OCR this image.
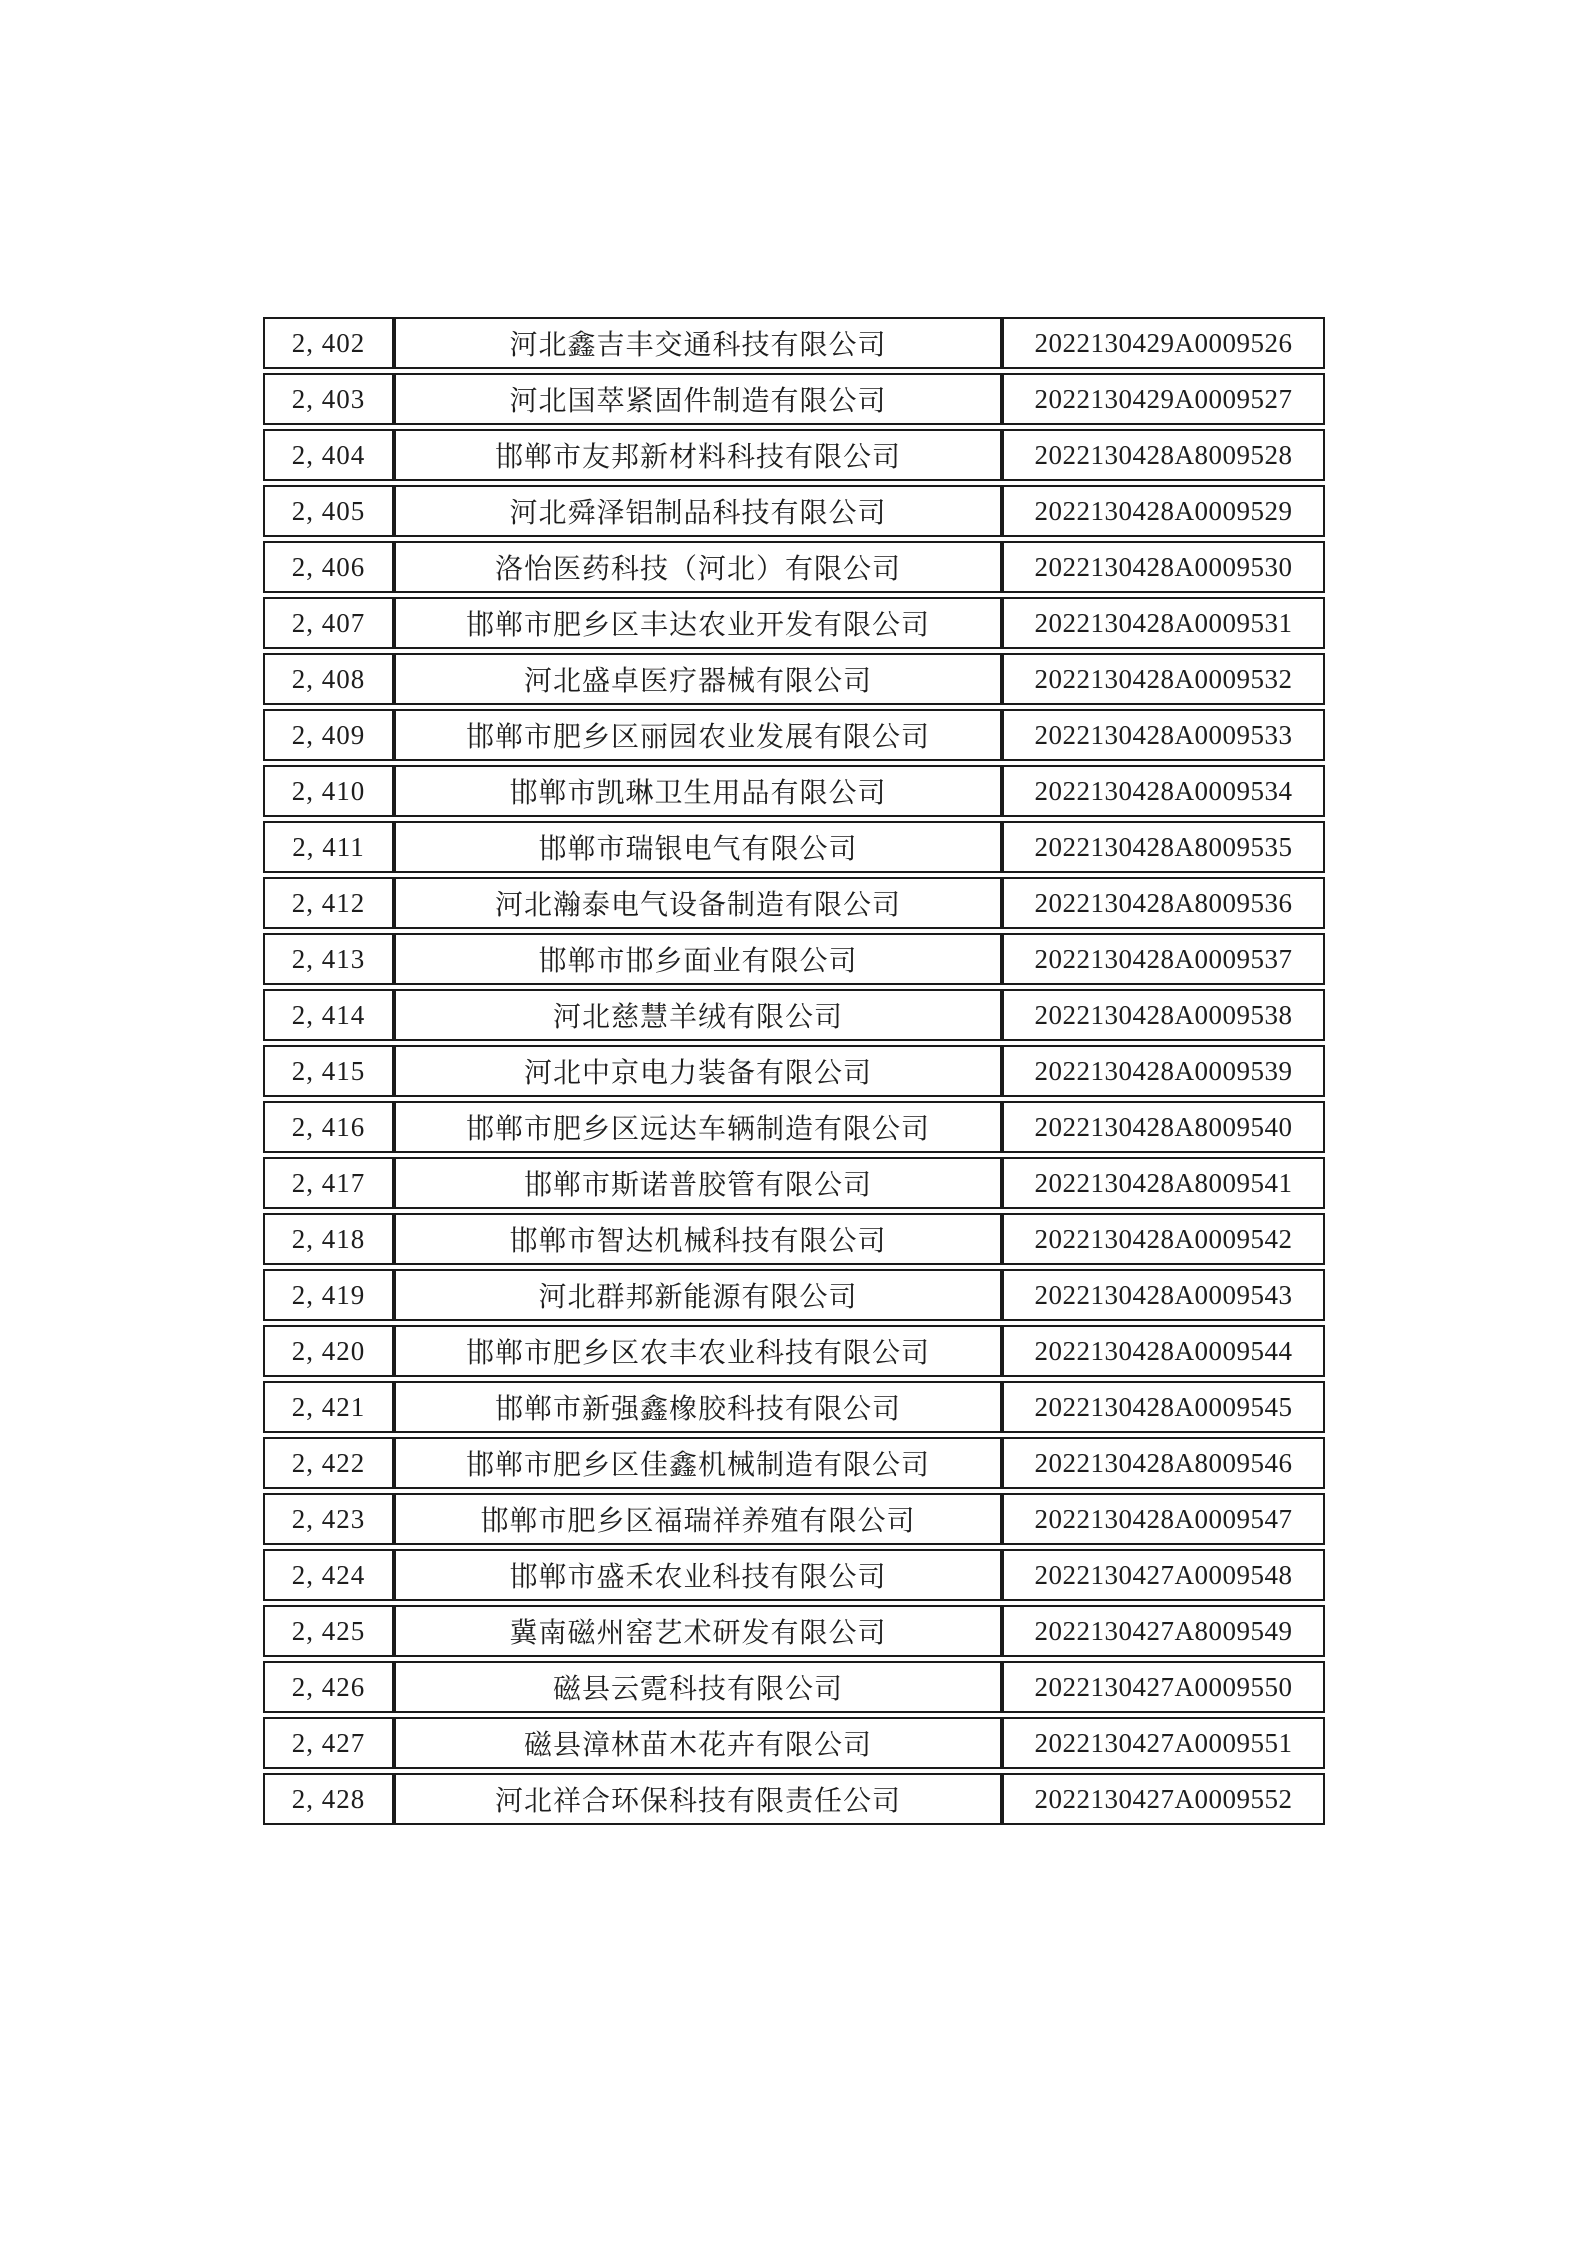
2, 402	河北鑫吉丰交通科技有限公司	2022130429A0009526
2, 403	河北国萃紧固件制造有限公司	2022130429A0009527
2, 404	邯郸市友邦新材料科技有限公司	2022130428A8009528
2, 405	河北舜泽铝制品科技有限公司	2022130428A0009529
2, 406	洛怡医药科技（河北）有限公司	2022130428A0009530
2, 407	邯郸市肥乡区丰达农业开发有限公司	2022130428A0009531
2, 408	河北盛卓医疗器械有限公司	2022130428A0009532
2, 409	邯郸市肥乡区丽园农业发展有限公司	2022130428A0009533
2, 410	邯郸市凯琳卫生用品有限公司	2022130428A0009534
2, 411	邯郸市瑞银电气有限公司	2022130428A8009535
2, 412	河北瀚泰电气设备制造有限公司	2022130428A8009536
2, 413	邯郸市邯乡面业有限公司	2022130428A0009537
2, 414	河北慈慧羊绒有限公司	2022130428A0009538
2, 415	河北中京电力装备有限公司	2022130428A0009539
2, 416	邯郸市肥乡区远达车辆制造有限公司	2022130428A8009540
2, 417	邯郸市斯诺普胶管有限公司	2022130428A8009541
2, 418	邯郸市智达机械科技有限公司	2022130428A0009542
2, 419	河北群邦新能源有限公司	2022130428A0009543
2, 420	邯郸市肥乡区农丰农业科技有限公司	2022130428A0009544
2, 421	邯郸市新强鑫橡胶科技有限公司	2022130428A0009545
2, 422	邯郸市肥乡区佳鑫机械制造有限公司	2022130428A8009546
2, 423	邯郸市肥乡区福瑞祥养殖有限公司	2022130428A0009547
2, 424	邯郸市盛禾农业科技有限公司	2022130427A0009548
2, 425	冀南磁州窑艺术研发有限公司	2022130427A8009549
2, 426	磁县云霓科技有限公司	2022130427A0009550
2, 427	磁县漳林苗木花卉有限公司	2022130427A0009551
2, 428	河北祥合环保科技有限责任公司	2022130427A0009552
